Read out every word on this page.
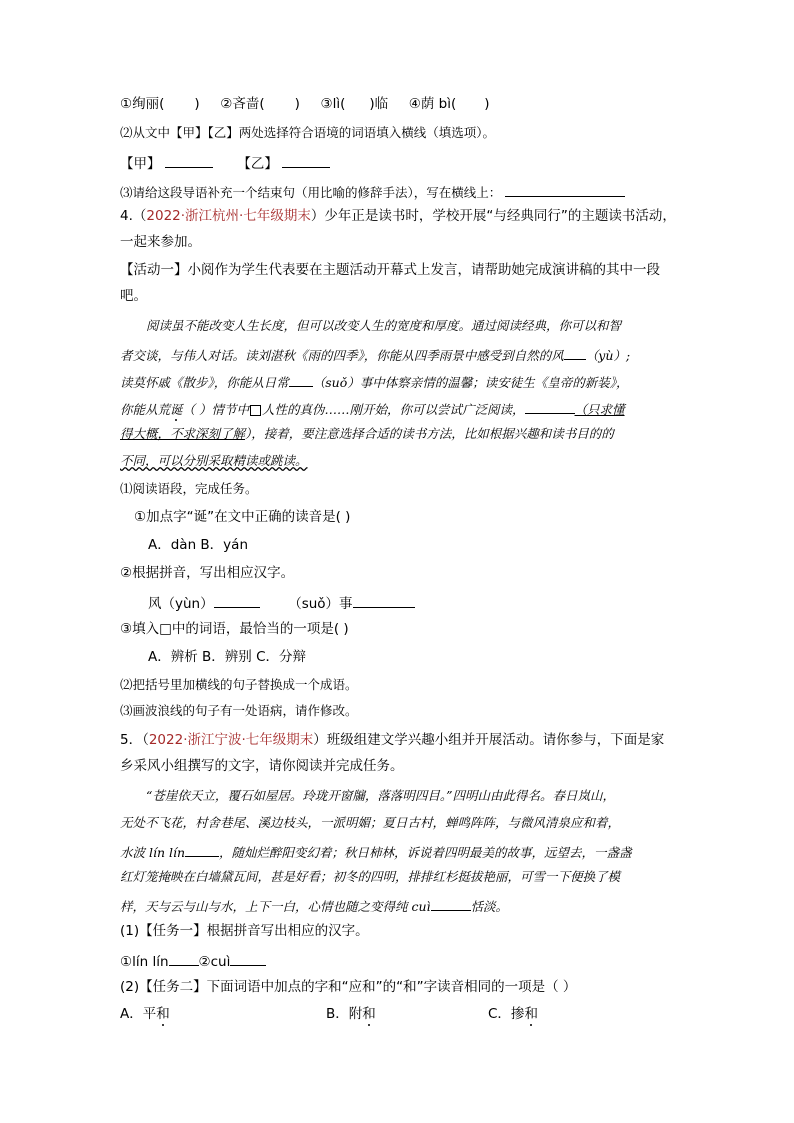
①绚丽( ) ②吝啬( ) ③lì( )临 ④荫 bì( )
⑵从文中【甲】【乙】两处选择符合语境的词语填入横线（填选项）。
【甲】	【乙】
⑶请给这段导语补充一个结束句（用比喻的修辞手法），写在横线上：
4.（2022·浙江杭州·七年级期末）少年正是读书时，学校开展“与经典同行”的主题读书活动，
一起来参加。
【活动一】小阅作为学生代表要在主题活动开幕式上发言，请帮助她完成演讲稿的其中一段
吧。
阅读虽不能改变人生长度，但可以改变人生的宽度和厚度。通过阅读经典，你可以和智
者交谈，与伟人对话。读刘湛秋《雨的四季》，你能从四季雨景中感受到自然的风 （yù）;
读莫怀戚《散步》，你能从日常 （suǒ）事中体察亲情的温馨；读安徒生《皇帝的新装》，
你能从荒诞（ ）情节中 人性的真伪……刚开始，你可以尝试广泛阅读，	（只求懂
得大概，不求深刻了解），接着，要注意选择合适的读书方法，比如根据兴趣和读书目的的
不同，可以分别采取精读或跳读。
⑴阅读语段，完成任务。
①加点字“诞”在文中正确的读音是( )
A．dàn B．yán
②根据拼音，写出相应汉字。
风（yùn）	（suǒ）事
③填入□中的词语，最恰当的一项是( )
A．辨析 B．辨别 C．分辩
⑵把括号里加横线的句子替换成一个成语。
⑶画波浪线的句子有一处语病，请作修改。
5．（2022·浙江宁波·七年级期末）班级组建文学兴趣小组并开展活动。请你参与，下面是家
乡采风小组撰写的文字，请你阅读并完成任务。
“苍崖依天立，覆石如屋居。玲珑开窗牖，落落明四目。”四明山由此得名。春日岚山，
无处不飞花，村舍巷尾、溪边枝头，一派明媚；夏日古村，蝉鸣阵阵，与微风清泉应和着，
水波 lín lín	，随灿烂醉阳变幻着；秋日柿林，诉说着四明最美的故事，远望去，一盏盏
红灯笼掩映在白墙黛瓦间，甚是好看；初冬的四明，排排红杉挺拔艳丽，可雪一下便换了模
样，天与云与山与水，上下一白，心情也随之变得纯 cuì	恬淡。
(1)【任务一】根据拼音写出相应的汉字。
①lín lín ②cuì
(2)【任务二】下面词语中加点的字和“应和”的“和”字读音相同的一项是（ ）
A．平和	B．附和	C．掺和
